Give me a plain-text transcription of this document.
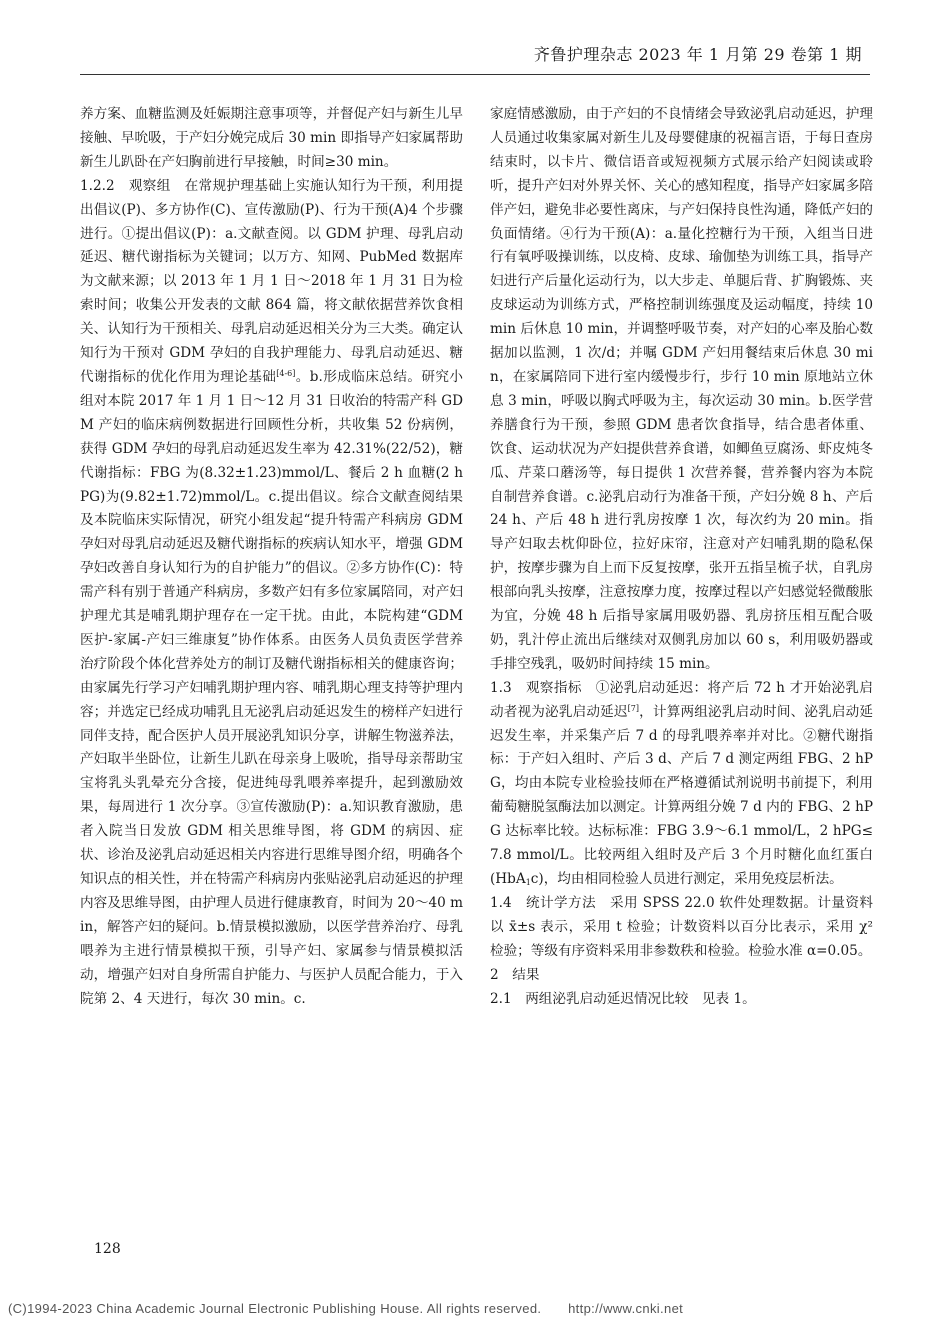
齐鲁护理杂志 2023 年 1 月第 29 卷第 1 期

养方案、血糖监测及妊娠期注意事项等，并督促产妇与新生儿早接触、早吮吸，于产妇分娩完成后 30 min 即指导产妇家属帮助新生儿趴卧在产妇胸前进行早接触，时间≥30 min。

1.2.2　观察组　在常规护理基础上实施认知行为干预，利用提出倡议(P)、多方协作(C)、宣传激励(P)、行为干预(A)4 个步骤进行。①提出倡议(P)：a.文献查阅。以 GDM 护理、母乳启动延迟、糖代谢指标为关键词；以万方、知网、PubMed 数据库为文献来源；以 2013 年 1 月 1 日～2018 年 1 月 31 日为检索时间；收集公开发表的文献 864 篇，将文献依据营养饮食相关、认知行为干预相关、母乳启动延迟相关分为三大类。确定认知行为干预对 GDM 孕妇的自我护理能力、母乳启动延迟、糖代谢指标的优化作用为理论基础[4-6]。b.形成临床总结。研究小组对本院 2017 年 1 月 1 日～12 月 31 日收治的特需产科 GDM 产妇的临床病例数据进行回顾性分析，共收集 52 份病例，获得 GDM 孕妇的母乳启动延迟发生率为 42.31%(22/52)，糖代谢指标：FBG 为(8.32±1.23)mmol/L、餐后 2 h 血糖(2 hPG)为(9.82±1.72)mmol/L。c.提出倡议。综合文献查阅结果及本院临床实际情况，研究小组发起“提升特需产科病房 GDM 孕妇对母乳启动延迟及糖代谢指标的疾病认知水平，增强 GDM 孕妇改善自身认知行为的自护能力”的倡议。②多方协作(C)：特需产科有别于普通产科病房，多数产妇有多位家属陪同，对产妇护理尤其是哺乳期护理存在一定干扰。由此，本院构建“GDM 医护-家属-产妇三维康复”协作体系。由医务人员负责医学营养治疗阶段个体化营养处方的制订及糖代谢指标相关的健康咨询；由家属先行学习产妇哺乳期护理内容、哺乳期心理支持等护理内容；并选定已经成功哺乳且无泌乳启动延迟发生的榜样产妇进行同伴支持，配合医护人员开展泌乳知识分享，讲解生物滋养法，产妇取半坐卧位，让新生儿趴在母亲身上吸吮，指导母亲帮助宝宝将乳头乳晕充分含接，促进纯母乳喂养率提升，起到激励效果，每周进行 1 次分享。③宣传激励(P)：a.知识教育激励，患者入院当日发放 GDM 相关思维导图，将 GDM 的病因、症状、诊治及泌乳启动延迟相关内容进行思维导图介绍，明确各个知识点的相关性，并在特需产科病房内张贴泌乳启动延迟的护理内容及思维导图，由护理人员进行健康教育，时间为 20～40 min，解答产妇的疑问。b.情景模拟激励，以医学营养治疗、母乳喂养为主进行情景模拟干预，引导产妇、家属参与情景模拟活动，增强产妇对自身所需自护能力、与医护人员配合能力，于入院第 2、4 天进行，每次 30 min。c.

家庭情感激励，由于产妇的不良情绪会导致泌乳启动延迟，护理人员通过收集家属对新生儿及母婴健康的祝福言语，于每日查房结束时，以卡片、微信语音或短视频方式展示给产妇阅读或聆听，提升产妇对外界关怀、关心的感知程度，指导产妇家属多陪伴产妇，避免非必要性离床，与产妇保持良性沟通，降低产妇的负面情绪。④行为干预(A)：a.量化控糖行为干预，入组当日进行有氧呼吸操训练，以皮椅、皮球、瑜伽垫为训练工具，指导产妇进行产后量化运动行为，以大步走、单腿后背、扩胸锻炼、夹皮球运动为训练方式，严格控制训练强度及运动幅度，持续 10 min 后休息 10 min，并调整呼吸节奏，对产妇的心率及胎心数据加以监测，1 次/d；并嘱 GDM 产妇用餐结束后休息 30 min，在家属陪同下进行室内缓慢步行，步行 10 min 原地站立休息 3 min，呼吸以胸式呼吸为主，每次运动 30 min。b.医学营养膳食行为干预，参照 GDM 患者饮食指导，结合患者体重、饮食、运动状况为产妇提供营养食谱，如鲫鱼豆腐汤、虾皮炖冬瓜、芹菜口蘑汤等，每日提供 1 次营养餐，营养餐内容为本院自制营养食谱。c.泌乳启动行为准备干预，产妇分娩 8 h、产后 24 h、产后 48 h 进行乳房按摩 1 次，每次约为 20 min。指导产妇取去枕仰卧位，拉好床帘，注意对产妇哺乳期的隐私保护，按摩步骤为自上而下反复按摩，张开五指呈梳子状，自乳房根部向乳头按摩，注意按摩力度，按摩过程以产妇感觉轻微酸胀为宜，分娩 48 h 后指导家属用吸奶器、乳房挤压相互配合吸奶，乳汁停止流出后继续对双侧乳房加以 60 s，利用吸奶器或手排空残乳，吸奶时间持续 15 min。

1.3　观察指标　①泌乳启动延迟：将产后 72 h 才开始泌乳启动者视为泌乳启动延迟[7]，计算两组泌乳启动时间、泌乳启动延迟发生率，并采集产后 7 d 的母乳喂养率并对比。②糖代谢指标：于产妇入组时、产后 3 d、产后 7 d 测定两组 FBG、2 hPG，均由本院专业检验技师在严格遵循试剂说明书前提下，利用葡萄糖脱氢酶法加以测定。计算两组分娩 7 d 内的 FBG、2 hPG 达标率比较。达标标准：FBG 3.9～6.1 mmol/L，2 hPG≤7.8 mmol/L。比较两组入组时及产后 3 个月时糖化血红蛋白(HbA$_1$c)，均由相同检验人员进行测定，采用免疫层析法。

1.4　统计学方法　采用 SPSS 22.0 软件处理数据。计量资料以 x̄±s 表示，采用 t 检验；计数资料以百分比表示，采用 χ² 检验；等级有序资料采用非参数秩和检验。检验水准 α=0.05。

2　结果

2.1　两组泌乳启动延迟情况比较　见表 1。

128
(C)1994-2023 China Academic Journal Electronic Publishing House. All rights reserved.　　http://www.cnki.net
